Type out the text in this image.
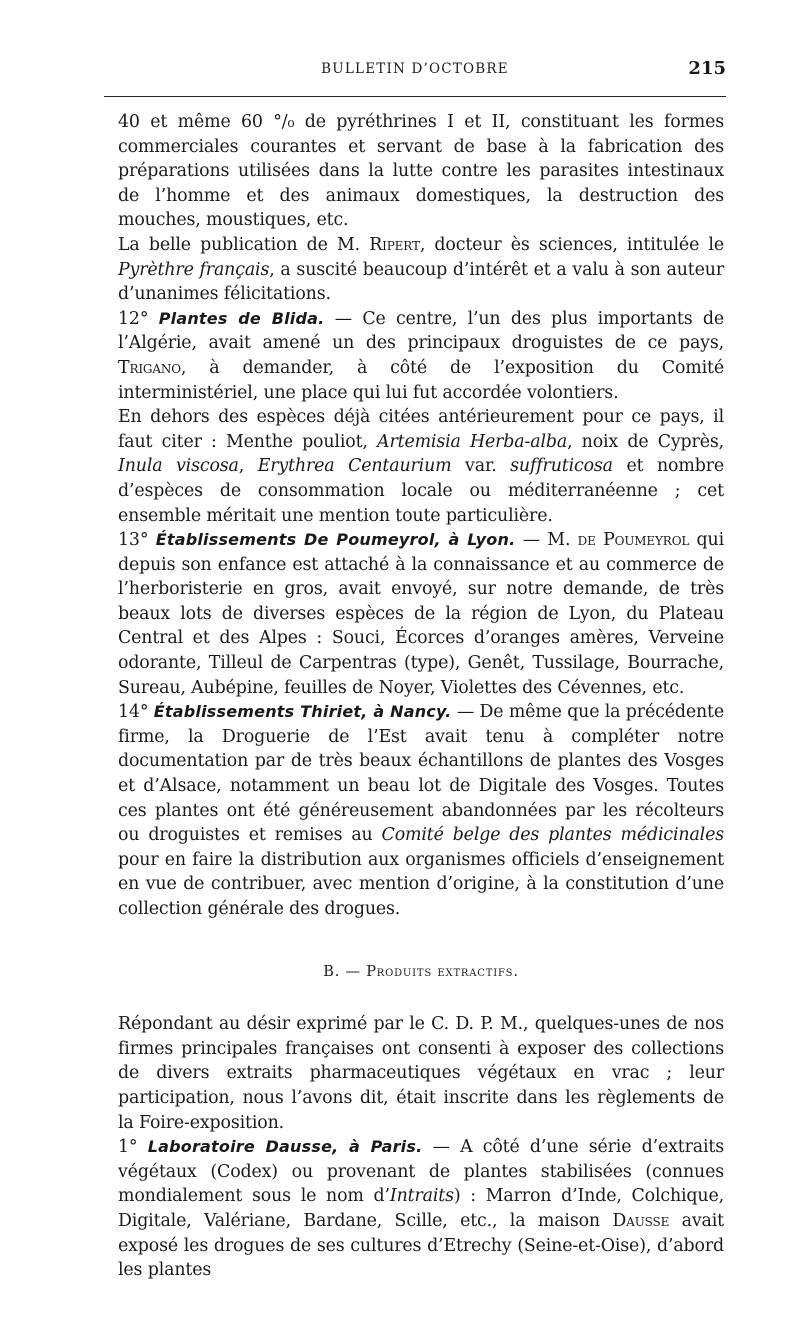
BULLETIN D’OCTOBRE	215

40 et même 60 °/₀ de pyréthrines I et II, constituant les formes commerciales courantes et servant de base à la fabrication des préparations utilisées dans la lutte contre les parasites intestinaux de l’homme et des animaux domestiques, la destruction des mouches, moustiques, etc.

La belle publication de M. Ripert, docteur ès sciences, intitulée le Pyrèthre français, a suscité beaucoup d’intérêt et a valu à son auteur d’unanimes félicitations.

12° Plantes de Blida. — Ce centre, l’un des plus importants de l’Algérie, avait amené un des principaux droguistes de ce pays, Trigano, à demander, à côté de l’exposition du Comité interministériel, une place qui lui fut accordée volontiers.

En dehors des espèces déjà citées antérieurement pour ce pays, il faut citer : Menthe pouliot, Artemisia Herba-alba, noix de Cyprès, Inula viscosa, Erythrea Centaurium var. suffruticosa et nombre d’espèces de consommation locale ou méditerranéenne ; cet ensemble méritait une mention toute particulière.

13° Établissements De Poumeyrol, à Lyon. — M. de Poumeyrol qui depuis son enfance est attaché à la connaissance et au commerce de l’herboristerie en gros, avait envoyé, sur notre demande, de très beaux lots de diverses espèces de la région de Lyon, du Plateau Central et des Alpes : Souci, Écorces d’oranges amères, Verveine odorante, Tilleul de Carpentras (type), Genêt, Tussilage, Bourrache, Sureau, Aubépine, feuilles de Noyer, Violettes des Cévennes, etc.

14° Établissements Thiriet, à Nancy. — De même que la précédente firme, la Droguerie de l’Est avait tenu à compléter notre documentation par de très beaux échantillons de plantes des Vosges et d’Alsace, notamment un beau lot de Digitale des Vosges. Toutes ces plantes ont été généreusement abandonnées par les récolteurs ou droguistes et remises au Comité belge des plantes médicinales pour en faire la distribution aux organismes officiels d’enseignement en vue de contribuer, avec mention d’origine, à la constitution d’une collection générale des drogues.

B. — Produits extractifs.

Répondant au désir exprimé par le C. D. P. M., quelques-unes de nos firmes principales françaises ont consenti à exposer des collections de divers extraits pharmaceutiques végétaux en vrac ; leur participation, nous l’avons dit, était inscrite dans les règlements de la Foire-exposition.

1° Laboratoire Dausse, à Paris. — A côté d’une série d’extraits végétaux (Codex) ou provenant de plantes stabilisées (connues mondialement sous le nom d’Intraits) : Marron d’Inde, Colchique, Digitale, Valériane, Bardane, Scille, etc., la maison Dausse avait exposé les drogues de ses cultures d’Etrechy (Seine-et-Oise), d’abord les plantes
